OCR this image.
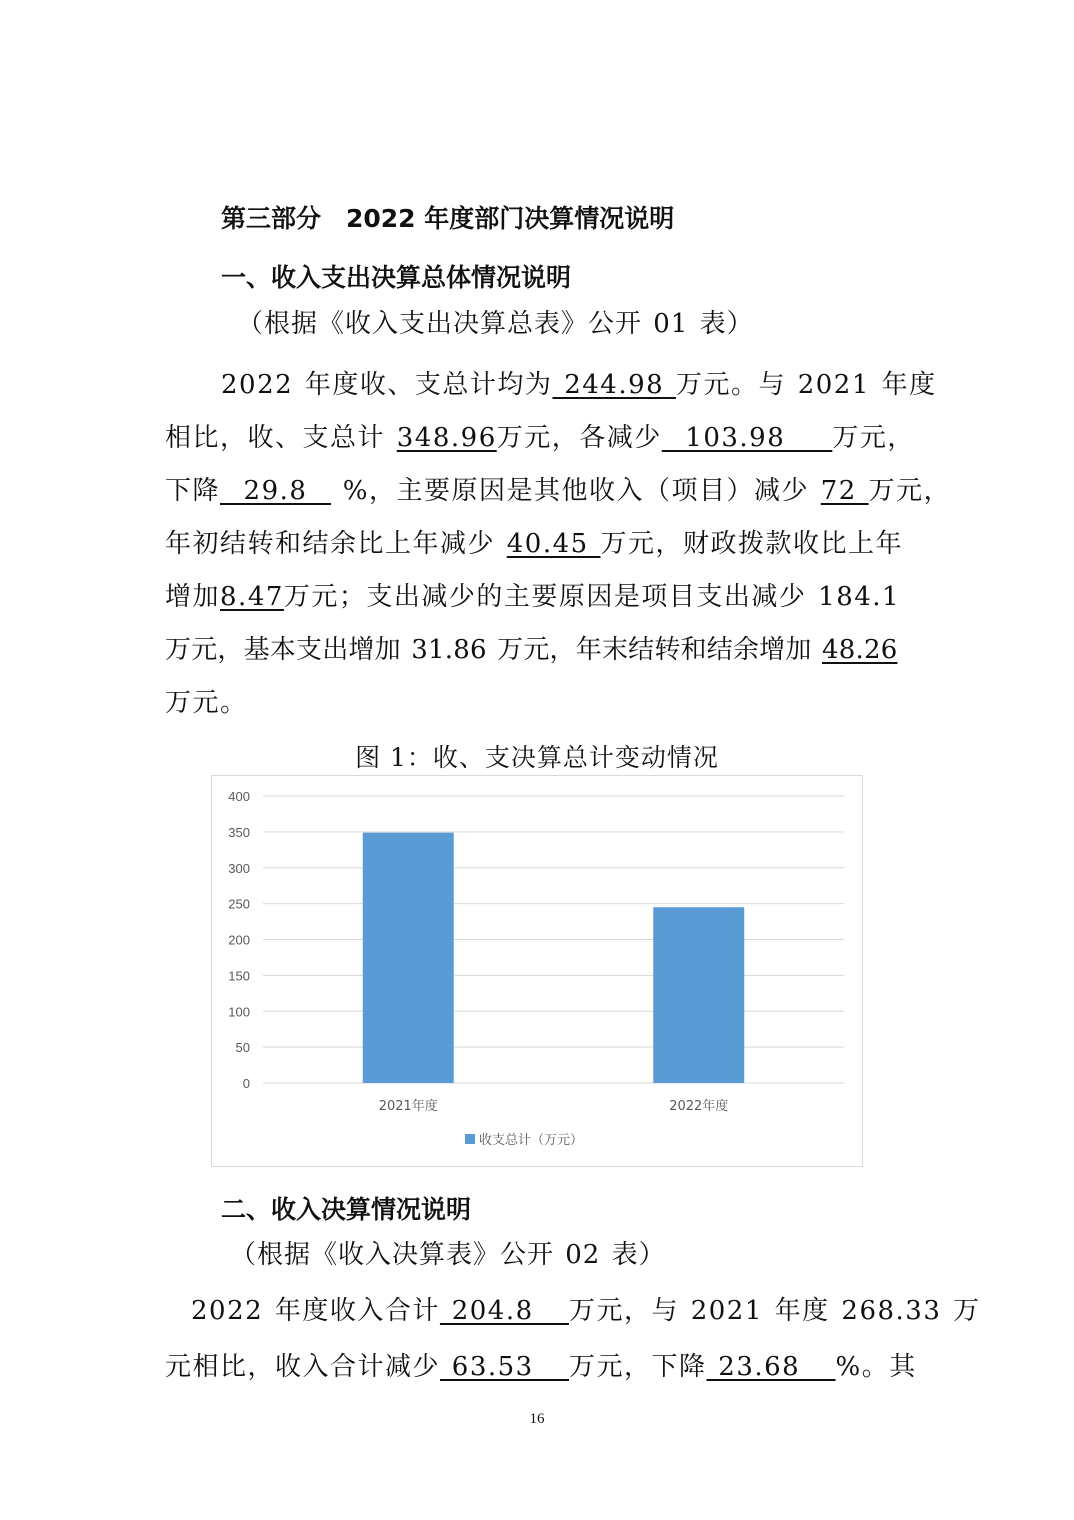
第三部分　2022 年度部门决算情况说明
一、收入支出决算总体情况说明
（根据《收入支出决算总表》公开 01 表）
2022 年度收、支总计均为 244.98 万元。与 2021 年度
相比，收、支总计 348.96万元，各减少  103.98    万元，
下降  29.8   %，主要原因是其他收入（项目）减少 72 万元，
年初结转和结余比上年减少 40.45 万元，财政拨款收比上年
增加8.47万元；支出减少的主要原因是项目支出减少 184.1
万元，基本支出增加 31.86 万元，年末结转和结余增加 48.26
万元。
图 1：收、支决算总计变动情况
0
50
100
150
200
250
300
350
400
2021年度	2022年度
收支总计（万元）
二、收入决算情况说明
（根据《收入决算表》公开 02 表）
2022 年度收入合计 204.8   万元，与 2021 年度 268.33 万
元相比，收入合计减少 63.53   万元，下降 23.68   %。其
16
